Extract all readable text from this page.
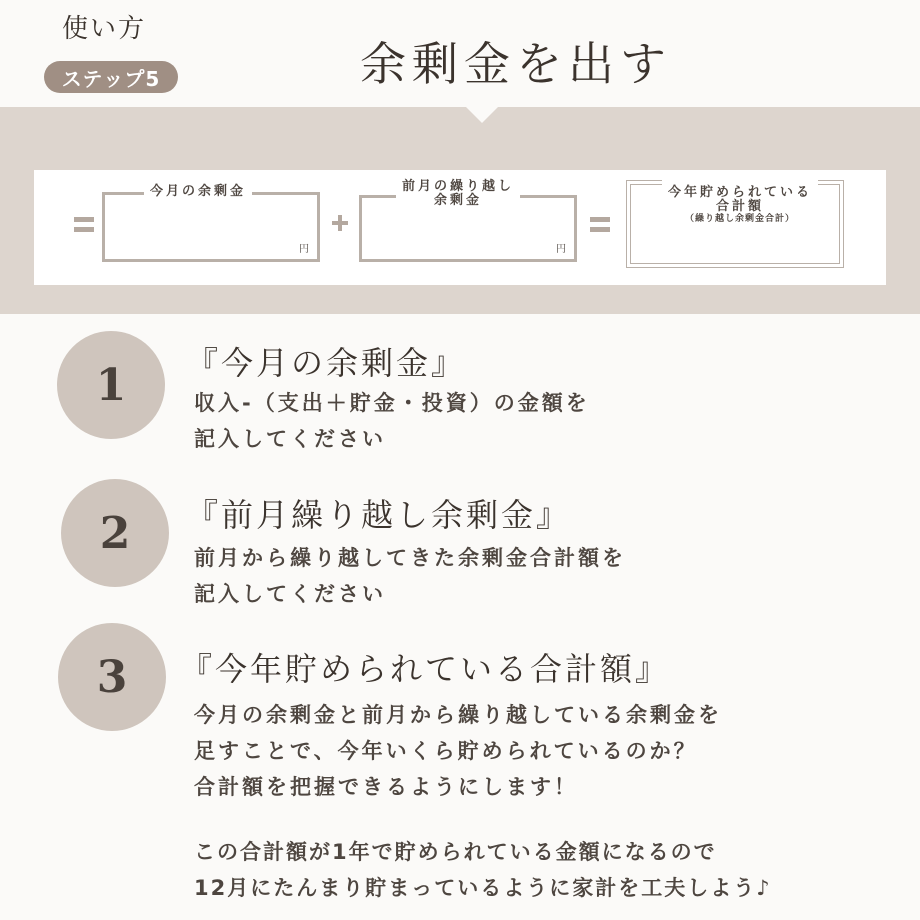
使い方
ステップ5	余剰金を出す
円
今月の余剰金
円
前月の繰り越し
余剰金

今年貯められている
合計額

（繰り越し余剰金合計）

1	『今月の余剰金』
収入-（支出＋貯金・投資）の金額を
記入してください
2	『前月繰り越し余剰金』
前月から繰り越してきた余剰金合計額を
記入してください
3	『今年貯められている合計額』
今月の余剰金と前月から繰り越している余剰金を
足すことで、今年いくら貯められているのか？
合計額を把握できるようにします！
この合計額が1年で貯められている金額になるので
12月にたんまり貯まっているように家計を工夫しよう♪
